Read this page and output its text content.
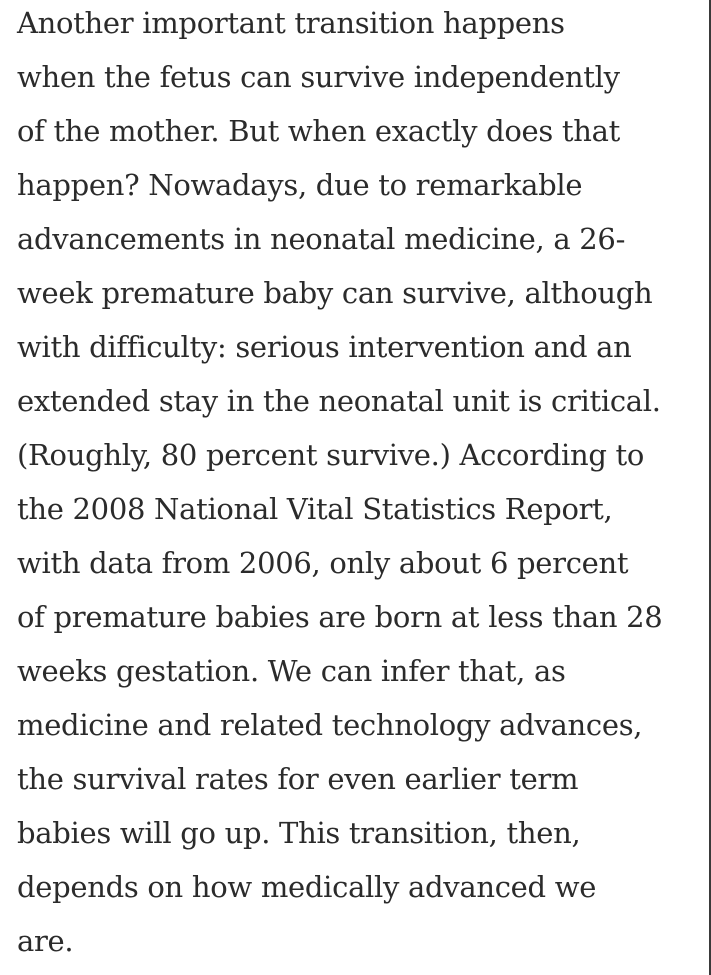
Another important transition happens
when the fetus can survive independently
of the mother. But when exactly does that
happen? Nowadays, due to remarkable
advancements in neonatal medicine, a 26-
week premature baby can survive, although
with difficulty: serious intervention and an
extended stay in the neonatal unit is critical.
(Roughly, 80 percent survive.) According to
the 2008 National Vital Statistics Report,
with data from 2006, only about 6 percent
of premature babies are born at less than 28
weeks gestation. We can infer that, as
medicine and related technology advances,
the survival rates for even earlier term
babies will go up. This transition, then,
depends on how medically advanced we
are.
